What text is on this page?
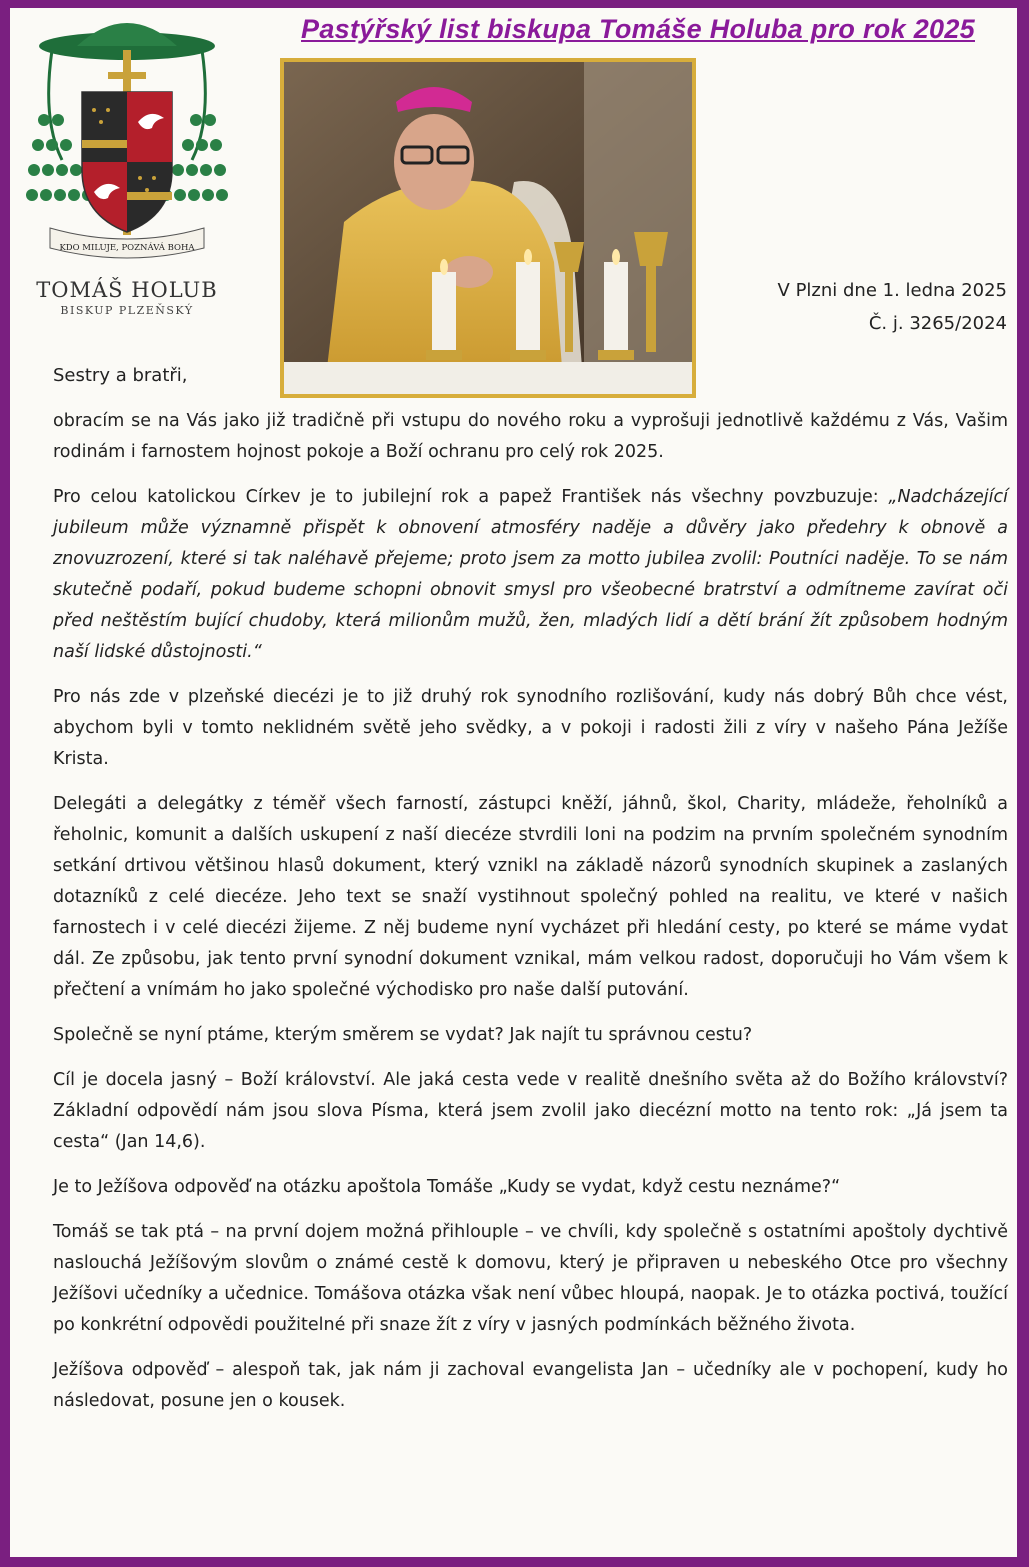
Pastýřský list biskupa Tomáše Holuba pro rok 2025
KDO MILUJE, POZNÁVÁ BOHA
TOMÁŠ HOLUB
BISKUP PLZEŇSKÝ
V Plzni dne 1. ledna 2025
Č. j. 3265/2024
Sestry a bratři,

obracím se na Vás jako již tradičně při vstupu do nového roku a vyprošuji jednotlivě každému z Vás, Vašim rodinám i farnostem hojnost pokoje a Boží ochranu pro celý rok 2025.

Pro celou katolickou Církev je to jubilejní rok a papež František nás všechny povzbuzuje: „Nadcházející jubileum může významně přispět k obnovení atmosféry naděje a důvěry jako předehry k obnově a znovuzrození, které si tak naléhavě přejeme; proto jsem za motto jubilea zvolil: Poutníci naděje. To se nám skutečně podaří, pokud budeme schopni obnovit smysl pro všeobecné bratrství a odmítneme zavírat oči před neštěstím bující chudoby, která milionům mužů, žen, mladých lidí a dětí brání žít způsobem hodným naší lidské důstojnosti.“

Pro nás zde v plzeňské diecézi je to již druhý rok synodního rozlišování, kudy nás dobrý Bůh chce vést, abychom byli v tomto neklidném světě jeho svědky, a v pokoji i radosti žili z víry v našeho Pána Ježíše Krista.

Delegáti a delegátky z téměř všech farností, zástupci kněží, jáhnů, škol, Charity, mládeže, řeholníků a řeholnic, komunit a dalších uskupení z naší diecéze stvrdili loni na podzim na prvním společném synodním setkání drtivou většinou hlasů dokument, který vznikl na základě názorů synodních skupinek a zaslaných dotazníků z celé diecéze. Jeho text se snaží vystihnout společný pohled na realitu, ve které v našich farnostech i v celé diecézi žijeme. Z něj budeme nyní vycházet při hledání cesty, po které se máme vydat dál. Ze způsobu, jak tento první synodní dokument vznikal, mám velkou radost, doporučuji ho Vám všem k přečtení a vnímám ho jako společné východisko pro naše další putování.

Společně se nyní ptáme, kterým směrem se vydat? Jak najít tu správnou cestu?

Cíl je docela jasný – Boží království. Ale jaká cesta vede v realitě dnešního světa až do Božího království? Základní odpovědí nám jsou slova Písma, která jsem zvolil jako diecézní motto na tento rok: „Já jsem ta cesta“ (Jan 14,6).

Je to Ježíšova odpověď na otázku apoštola Tomáše „Kudy se vydat, když cestu neznáme?“

Tomáš se tak ptá – na první dojem možná přihlouple – ve chvíli, kdy společně s ostatními apoštoly dychtivě naslouchá Ježíšovým slovům o známé cestě k domovu, který je připraven u nebeského Otce pro všechny Ježíšovi učedníky a učednice. Tomášova otázka však není vůbec hloupá, naopak. Je to otázka poctivá, toužící po konkrétní odpovědi použitelné při snaze žít z víry v jasných podmínkách běžného života.

Ježíšova odpověď – alespoň tak, jak nám ji zachoval evangelista Jan – učedníky ale v pochopení, kudy ho následovat, posune jen o kousek.
